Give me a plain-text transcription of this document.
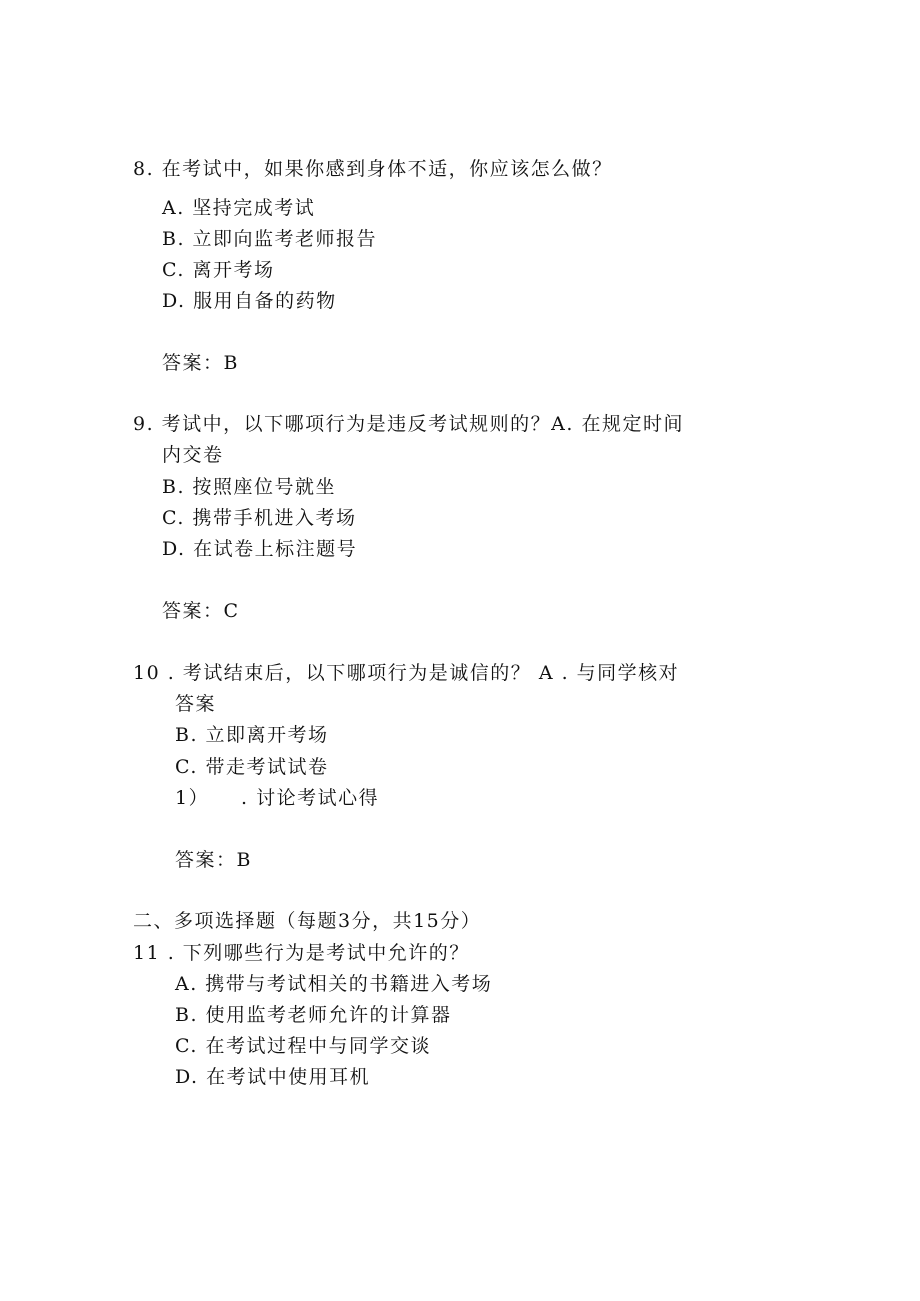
8. 在考试中，如果你感到身体不适，你应该怎么做？
A. 坚持完成考试
B. 立即向监考老师报告
C. 离开考场
D. 服用自备的药物
答案：B
9. 考试中，以下哪项行为是违反考试规则的？A. 在规定时间
内交卷
B. 按照座位号就坐
C. 携带手机进入考场
D. 在试卷上标注题号
答案：C
10 . 考试结束后，以下哪项行为是诚信的？ A . 与同学核对
答案
B. 立即离开考场
C. 带走考试试卷
1） . 讨论考试心得
答案：B
二、多项选择题（每题3分，共15分）
11 . 下列哪些行为是考试中允许的？
A. 携带与考试相关的书籍进入考场
B. 使用监考老师允许的计算器
C. 在考试过程中与同学交谈
D. 在考试中使用耳机
